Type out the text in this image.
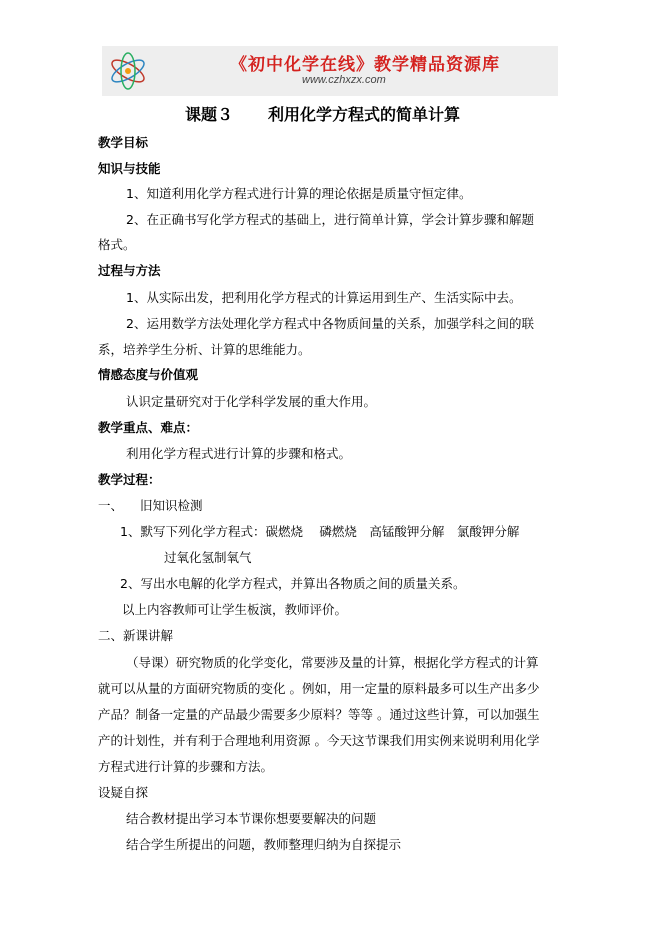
《初中化学在线》教学精品资源库
www.czhxzx.com
课题３ 利用化学方程式的简单计算
教学目标
知识与技能
1、知道利用化学方程式进行计算的理论依据是质量守恒定律。
2、在正确书写化学方程式的基础上，进行简单计算，学会计算步骤和解题
格式。
过程与方法
1、从实际出发，把利用化学方程式的计算运用到生产、生活实际中去。
2、运用数学方法处理化学方程式中各物质间量的关系，加强学科之间的联
系，培养学生分析、计算的思维能力。
情感态度与价值观
认识定量研究对于化学科学发展的重大作用。
教学重点、难点：
利用化学方程式进行计算的步骤和格式。
教学过程：
一、 旧知识检测
1、默写下列化学方程式：碳燃烧　 磷燃烧　高锰酸钾分解　氯酸钾分解
过氧化氢制氧气
2、写出水电解的化学方程式，并算出各物质之间的质量关系。
以上内容教师可让学生板演，教师评价。
二、新课讲解
（导课）研究物质的化学变化，常要涉及量的计算，根据化学方程式的计算
就可以从量的方面研究物质的变化 。例如，用一定量的原料最多可以生产出多少
产品？制备一定量的产品最少需要多少原料？等等 。通过这些计算，可以加强生
产的计划性，并有利于合理地利用资源 。今天这节课我们用实例来说明利用化学
方程式进行计算的步骤和方法。
设疑自探
结合教材提出学习本节课你想要要解决的问题
结合学生所提出的问题，教师整理归纳为自探提示
